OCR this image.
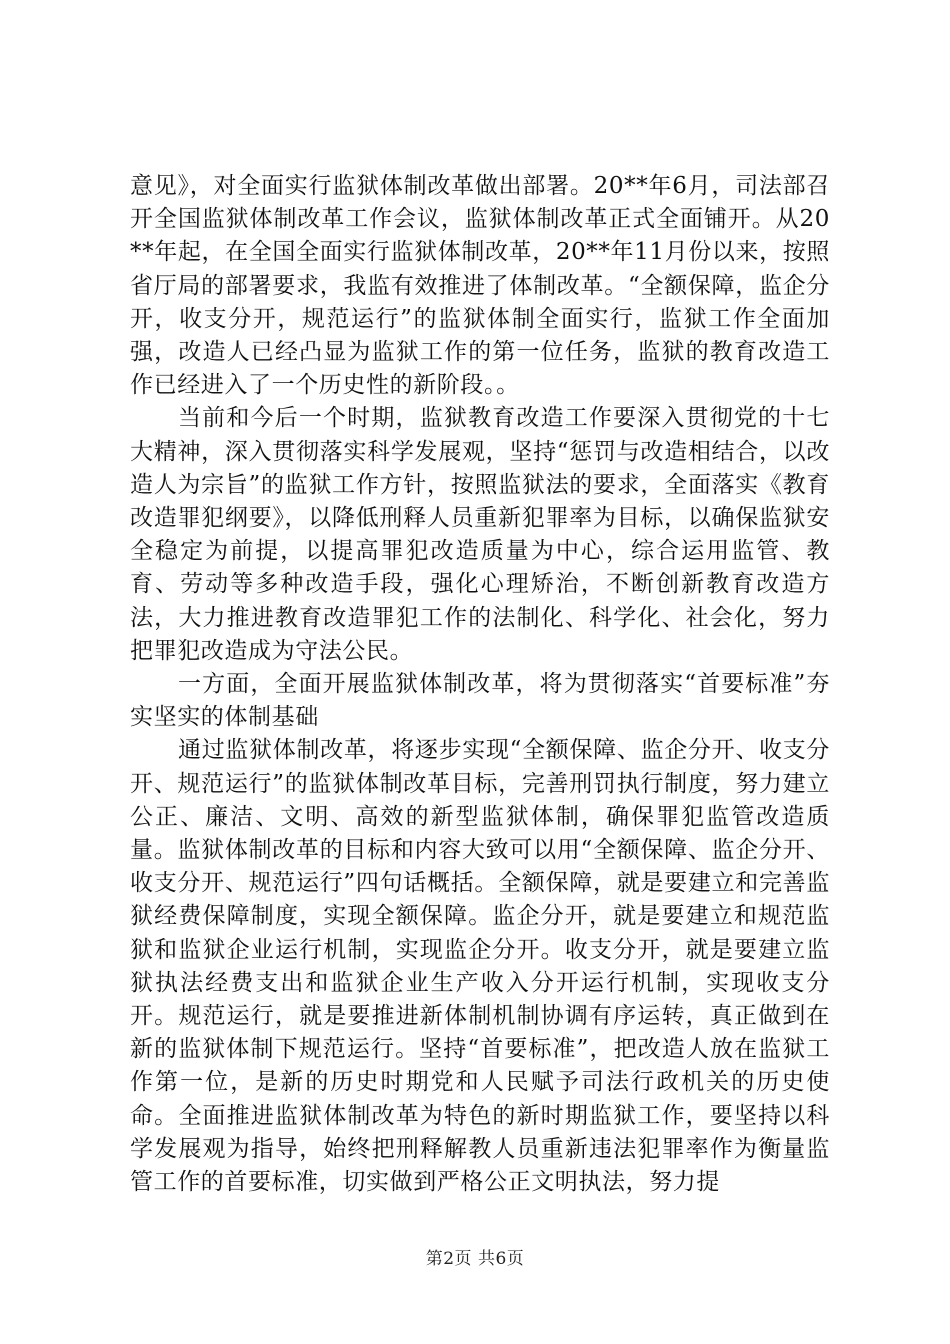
意见》，对全面实行监狱体制改革做出部署。20**年6月，司法部召开全国监狱体制改革工作会议，监狱体制改革正式全面铺开。从20**年起，在全国全面实行监狱体制改革，20**年11月份以来，按照省厅局的部署要求，我监有效推进了体制改革。“全额保障，监企分开，收支分开，规范运行”的监狱体制全面实行，监狱工作全面加强，改造人已经凸显为监狱工作的第一位任务，监狱的教育改造工作已经进入了一个历史性的新阶段。。

当前和今后一个时期，监狱教育改造工作要深入贯彻党的十七大精神，深入贯彻落实科学发展观，坚持“惩罚与改造相结合，以改造人为宗旨”的监狱工作方针，按照监狱法的要求，全面落实《教育改造罪犯纲要》，以降低刑释人员重新犯罪率为目标，以确保监狱安全稳定为前提，以提高罪犯改造质量为中心，综合运用监管、教育、劳动等多种改造手段，强化心理矫治，不断创新教育改造方法，大力推进教育改造罪犯工作的法制化、科学化、社会化，努力把罪犯改造成为守法公民。

一方面，全面开展监狱体制改革，将为贯彻落实“首要标准”夯实坚实的体制基础

通过监狱体制改革，将逐步实现“全额保障、监企分开、收支分开、规范运行”的监狱体制改革目标，完善刑罚执行制度，努力建立公正、廉洁、文明、高效的新型监狱体制，确保罪犯监管改造质量。监狱体制改革的目标和内容大致可以用“全额保障、监企分开、收支分开、规范运行”四句话概括。全额保障，就是要建立和完善监狱经费保障制度，实现全额保障。监企分开，就是要建立和规范监狱和监狱企业运行机制，实现监企分开。收支分开，就是要建立监狱执法经费支出和监狱企业生产收入分开运行机制，实现收支分开。规范运行，就是要推进新体制机制协调有序运转，真正做到在新的监狱体制下规范运行。坚持“首要标准”，把改造人放在监狱工作第一位，是新的历史时期党和人民赋予司法行政机关的历史使命。全面推进监狱体制改革为特色的新时期监狱工作，要坚持以科学发展观为指导，始终把刑释解教人员重新违法犯罪率作为衡量监管工作的首要标准，切实做到严格公正文明执法，努力提

第2页 共6页
